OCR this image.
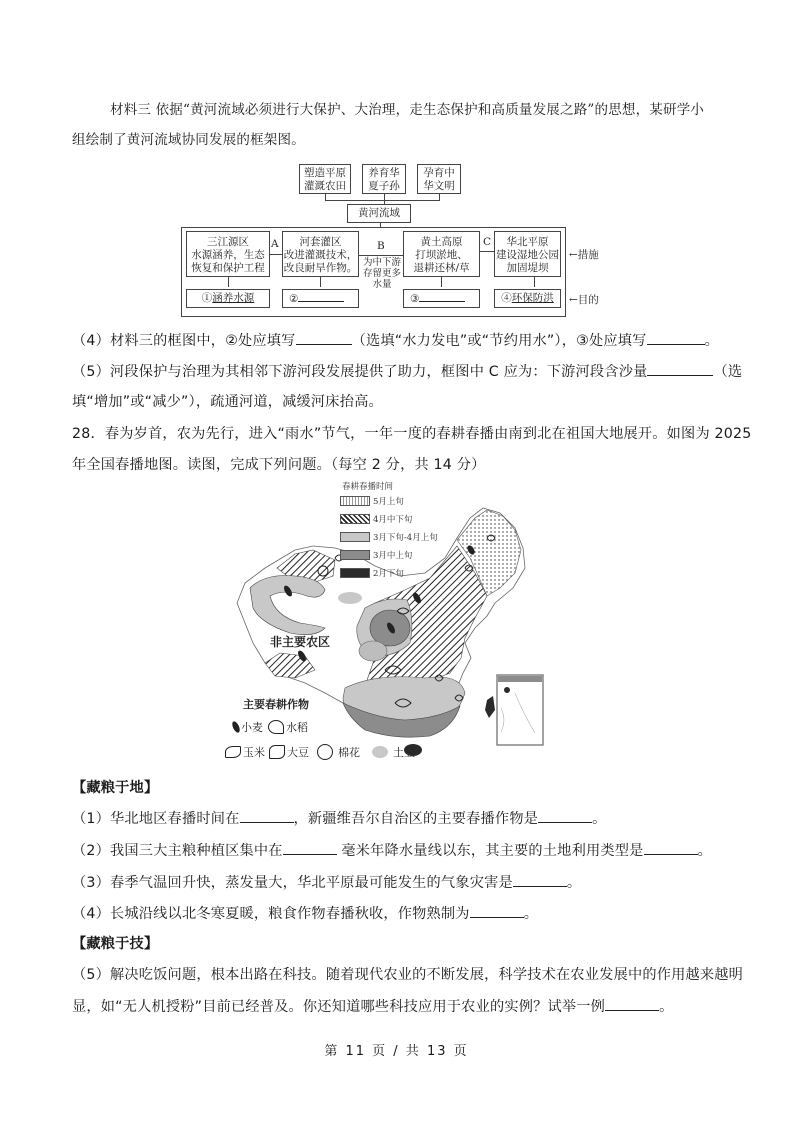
材料三 依据“黄河流域必须进行大保护、大治理，走生态保护和高质量发展之路”的思想，某研学小
组绘制了黄河流域协同发展的框架图。
塑造平原
灌溉农田
养育华
夏子孙
孕育中
华文明
黄河流域
三江源区
水源涵养，生态
恢复和保护工程
河套灌区
改进灌溉技术，
改良耐旱作物。
黄土高原
打坝淤地、
退耕还林/草
华北平原
建设湿地公园
加固堤坝
A	B
为中下游
存留更多
水量
C
①涵养水源	②	③	④环保防洪
←措施
←目的
（4）材料三的框图中，②处应填写	（选填“水力发电”或“节约用水”），③处应填写	。
（5）河段保护与治理为其相邻下游河段发展提供了助力，框图中 C 应为：下游河段含沙量	（选
填“增加”或“减少”），疏通河道，减缓河床抬高。
28．春为岁首，农为先行，进入“雨水”节气，一年一度的春耕春播由南到北在祖国大地展开。如图为 2025
年全国春播地图。读图，完成下列问题。（每空 2 分，共 14 分）
春耕春播时间
5月上旬
4月中下旬
3月下旬-4月上旬
3月中上旬
2月下旬
非主要农区
主要春耕作物
小麦 水稻
玉米 大豆	棉花	土豆
【藏粮于地】
（1）华北地区春播时间在	，新疆维吾尔自治区的主要春播作物是	。
（2）我国三大主粮种植区集中在	毫米年降水量线以东，其主要的土地利用类型是	。
（3）春季气温回升快，蒸发量大，华北平原最可能发生的气象灾害是	。
（4）长城沿线以北冬寒夏暖，粮食作物春播秋收，作物熟制为	。
【藏粮于技】
（5）解决吃饭问题，根本出路在科技。随着现代农业的不断发展，科学技术在农业发展中的作用越来越明
显，如“无人机授粉”目前已经普及。你还知道哪些科技应用于农业的实例？试举一例	。
第 11 页 / 共 13 页
